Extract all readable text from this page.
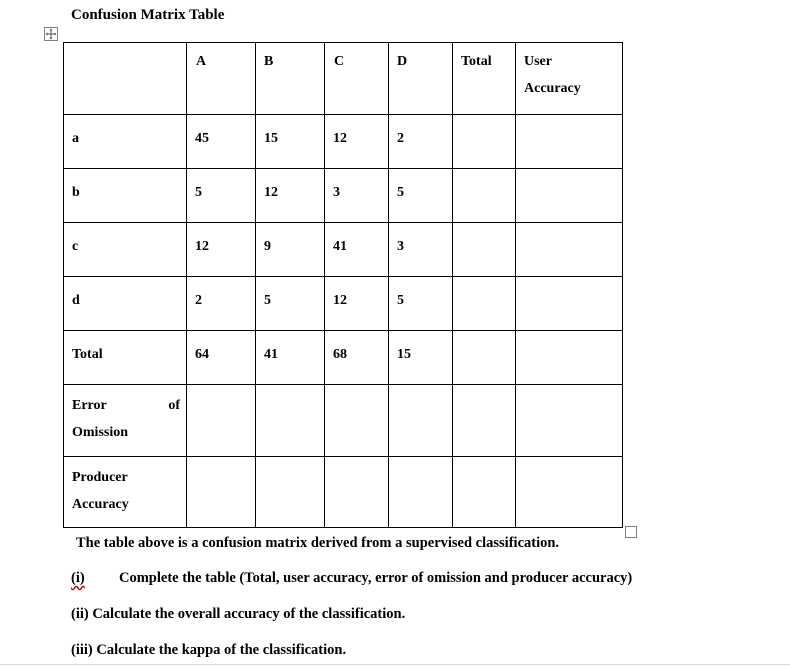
Confusion Matrix Table

	A	B	C	D	Total	User
Accuracy

a	45	15	12	2		

b	5	12	3	5		

c	12	9	41	3		

d	2	5	12	5		

Total	64	41	68	15		

Error
Omission
of						

Producer
Accuracy						

The table above is a confusion matrix derived from a supervised classification.
(i) Complete the table (Total, user accuracy, error of omission and producer accuracy)
(ii) Calculate the overall accuracy of the classification.
(iii) Calculate the kappa of the classification.
